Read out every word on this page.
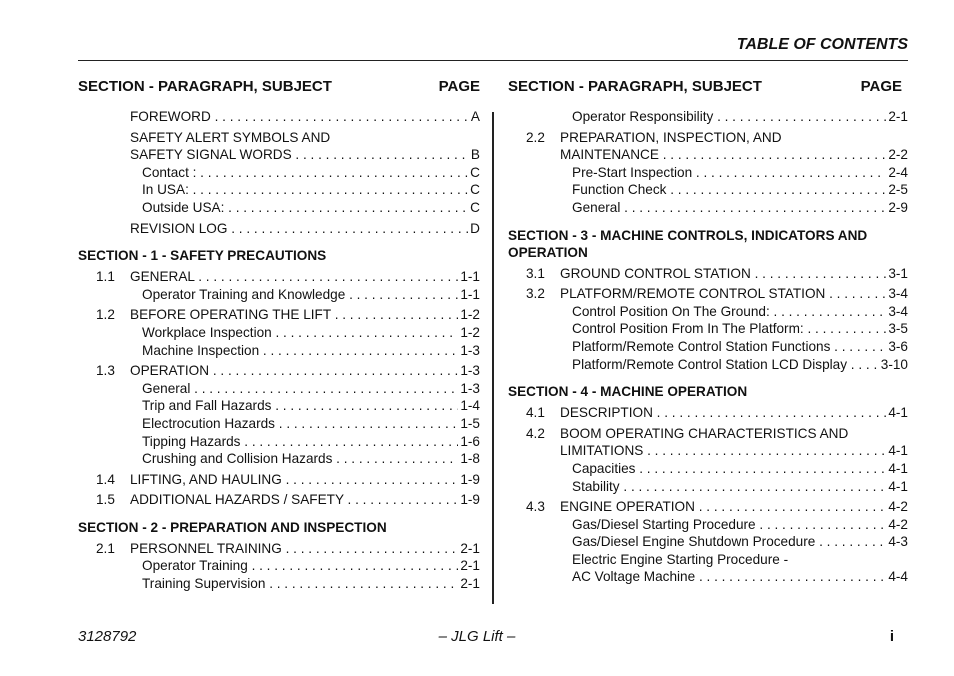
TABLE OF CONTENTS
SECTION - PARAGRAPH, SUBJECT	PAGE
FOREWORD . . .	A
SAFETY ALERT SYMBOLS AND
SAFETY SIGNAL WORDS . . .	B
Contact : . . .	C
In USA: . . .	C
Outside USA: . . .	C
REVISION LOG . . .	D
SECTION - 1 - SAFETY PRECAUTIONS
1.1	GENERAL . . .	1-1
Operator Training and Knowledge . . .	1-1
1.2	BEFORE OPERATING THE LIFT . . .	1-2
Workplace Inspection . . .	1-2
Machine Inspection . . .	1-3
1.3	OPERATION . . .	1-3
General . . .	1-3
Trip and Fall Hazards . . .	1-4
Electrocution Hazards . . .	1-5
Tipping Hazards . . .	1-6
Crushing and Collision Hazards . . .	1-8
1.4	LIFTING, AND HAULING . . .	1-9
1.5	ADDITIONAL HAZARDS / SAFETY . . .	1-9
SECTION - 2 - PREPARATION AND INSPECTION
2.1	PERSONNEL TRAINING . . .	2-1
Operator Training . . .	2-1
Training Supervision . . .	2-1
SECTION - PARAGRAPH, SUBJECT	PAGE
Operator Responsibility . . .	2-1
2.2	PREPARATION, INSPECTION, AND
MAINTENANCE . . .	2-2
Pre-Start Inspection . . .	2-4
Function Check . . .	2-5
General . . .	2-9
SECTION - 3 - MACHINE CONTROLS, INDICATORS AND OPERATION
3.1	GROUND CONTROL STATION . . .	3-1
3.2	PLATFORM/REMOTE CONTROL STATION . . .	3-4
Control Position On The Ground: . . .	3-4
Control Position From In The Platform: . . .	3-5
Platform/Remote Control Station Functions . . .	3-6
Platform/Remote Control Station LCD Display . . .	3-10
SECTION - 4 - MACHINE OPERATION
4.1	DESCRIPTION . . .	4-1
4.2	BOOM OPERATING CHARACTERISTICS AND
LIMITATIONS . . .	4-1
Capacities . . .	4-1
Stability . . .	4-1
4.3	ENGINE OPERATION . . .	4-2
Gas/Diesel Starting Procedure . . .	4-2
Gas/Diesel Engine Shutdown Procedure . . .	4-3
Electric Engine Starting Procedure -
AC Voltage Machine . . .	4-4
3128792	– JLG Lift –	i
